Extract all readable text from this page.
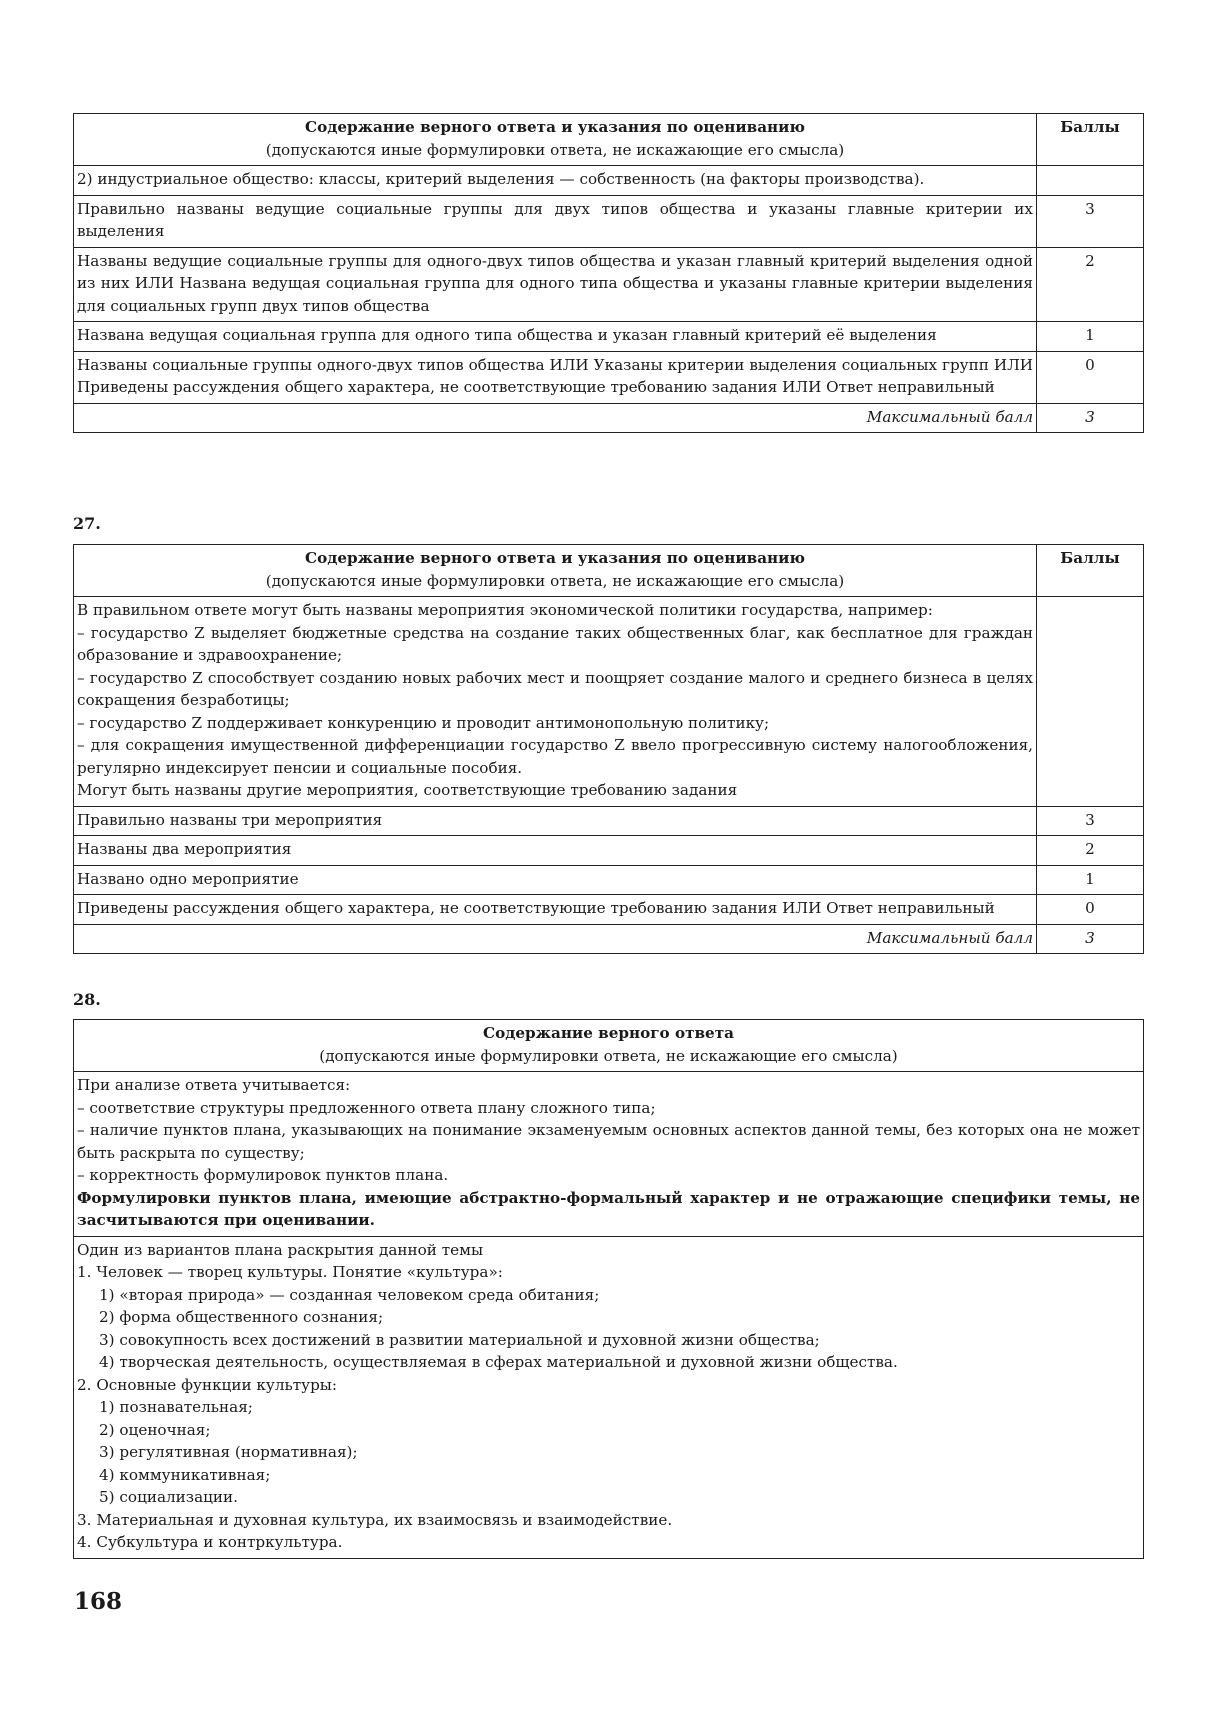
Содержание верного ответа и указания по оцениванию
(допускаются иные формулировки ответа, не искажающие его смысла)	Баллы
2) индустриальное общество: классы, критерий выделения — собственность (на факторы производства).	
Правильно названы ведущие социальные группы для двух типов общества и указаны главные критерии их выделения	3
Названы ведущие социальные группы для одного-двух типов общества и указан главный критерий выделения одной из них ИЛИ Названа ведущая социальная группа для одного типа общества и указаны главные критерии выделения для социальных групп двух типов общества	2
Названа ведущая социальная группа для одного типа общества и указан главный критерий её выделения	1
Названы социальные группы одного-двух типов общества ИЛИ Указаны критерии выделения социальных групп ИЛИ Приведены рассуждения общего характера, не соответствующие требованию задания ИЛИ Ответ неправильный	0
Максимальный балл	3
27.
Содержание верного ответа и указания по оцениванию
(допускаются иные формулировки ответа, не искажающие его смысла)	Баллы

В правильном ответе могут быть названы мероприятия экономической политики государства, например:
– государство Z выделяет бюджетные средства на создание таких общественных благ, как бесплатное для граждан образование и здравоохранение;
– государство Z способствует созданию новых рабочих мест и поощряет создание малого и среднего бизнеса в целях сокращения безработицы;
– государство Z поддерживает конкуренцию и проводит антимонопольную политику;
– для сокращения имущественной дифференциации государство Z ввело прогрессивную систему налогообложения, регулярно индексирует пенсии и социальные пособия.
Могут быть названы другие мероприятия, соответствующие требованию задания

Правильно названы три мероприятия	3
Названы два мероприятия	2
Названо одно мероприятие	1
Приведены рассуждения общего характера, не соответствующие требованию задания ИЛИ Ответ неправильный	0
Максимальный балл	3
28.
Содержание верного ответа
(допускаются иные формулировки ответа, не искажающие его смысла)

При анализе ответа учитывается:
– соответствие структуры предложенного ответа плану сложного типа;
– наличие пунктов плана, указывающих на понимание экзаменуемым основных аспектов данной темы, без которых она не может быть раскрыта по существу;
– корректность формулировок пунктов плана.
Формулировки пунктов плана, имеющие абстрактно-формальный характер и не отражающие специфики темы, не засчитываются при оценивании.

Один из вариантов плана раскрытия данной темы
1. Человек — творец культуры. Понятие «культура»:
1) «вторая природа» — созданная человеком среда обитания;
2) форма общественного сознания;
3) совокупность всех достижений в развитии материальной и духовной жизни общества;
4) творческая деятельность, осуществляемая в сферах материальной и духовной жизни общества.
2. Основные функции культуры:
1) познавательная;
2) оценочная;
3) регулятивная (нормативная);
4) коммуникативная;
5) социализации.
3. Материальная и духовная культура, их взаимосвязь и взаимодействие.
4. Субкультура и контркультура.
168
